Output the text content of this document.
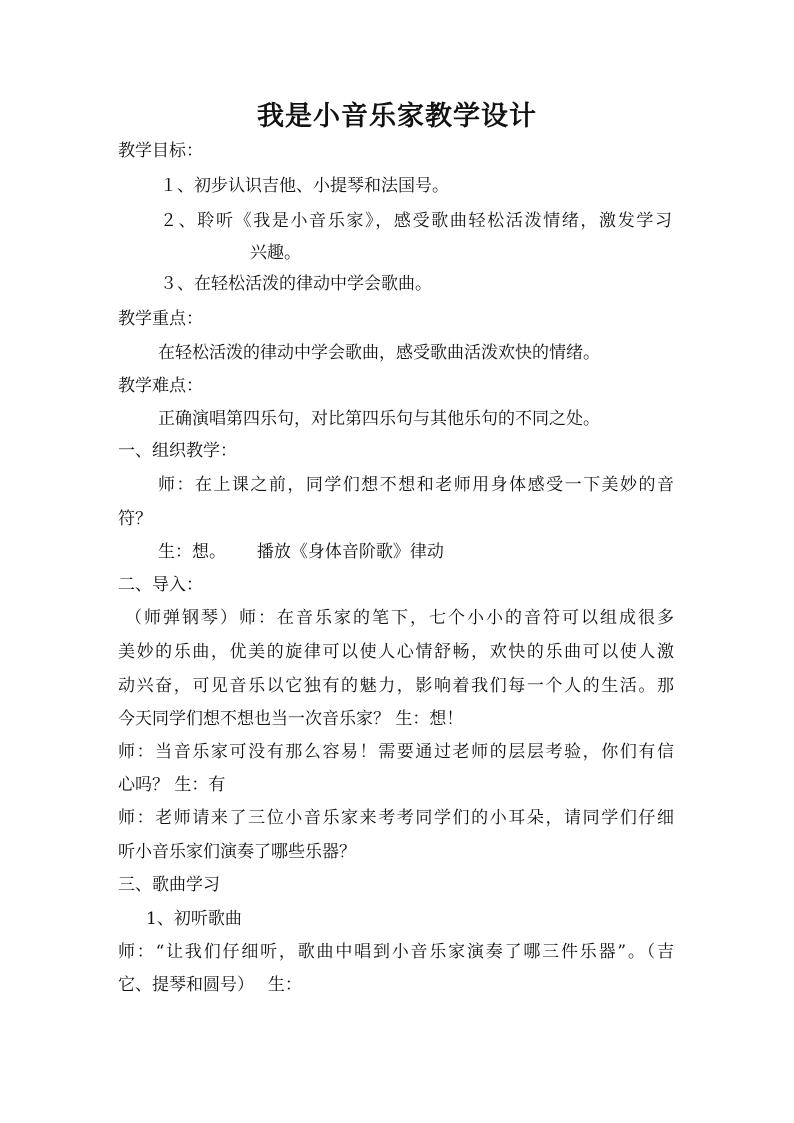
我是小音乐家教学设计
教学目标：
１、初步认识吉他、小提琴和法国号。
２、聆听《我是小音乐家》，感受歌曲轻松活泼情绪，激发学习
兴趣。
３、在轻松活泼的律动中学会歌曲。
教学重点：
在轻松活泼的律动中学会歌曲，感受歌曲活泼欢快的情绪。
教学难点：
正确演唱第四乐句，对比第四乐句与其他乐句的不同之处。
一、组织教学：
师：在上课之前，同学们想不想和老师用身体感受一下美妙的音
符？
生：想。　　 播放《身体音阶歌》律动
二、导入：
（师弹钢琴）师：在音乐家的笔下，七个小小的音符可以组成很多
美妙的乐曲，优美的旋律可以使人心情舒畅，欢快的乐曲可以使人激
动兴奋，可见音乐以它独有的魅力，影响着我们每一个人的生活。那
今天同学们想不想也当一次音乐家？ 生：想！
师：当音乐家可没有那么容易！需要通过老师的层层考验，你们有信
心吗？ 生：有
师：老师请来了三位小音乐家来考考同学们的小耳朵，请同学们仔细
听小音乐家们演奏了哪些乐器？
三、歌曲学习
1、初听歌曲
师：“让我们仔细听，歌曲中唱到小音乐家演奏了哪三件乐器”。（吉
它、提琴和圆号）　 生：
